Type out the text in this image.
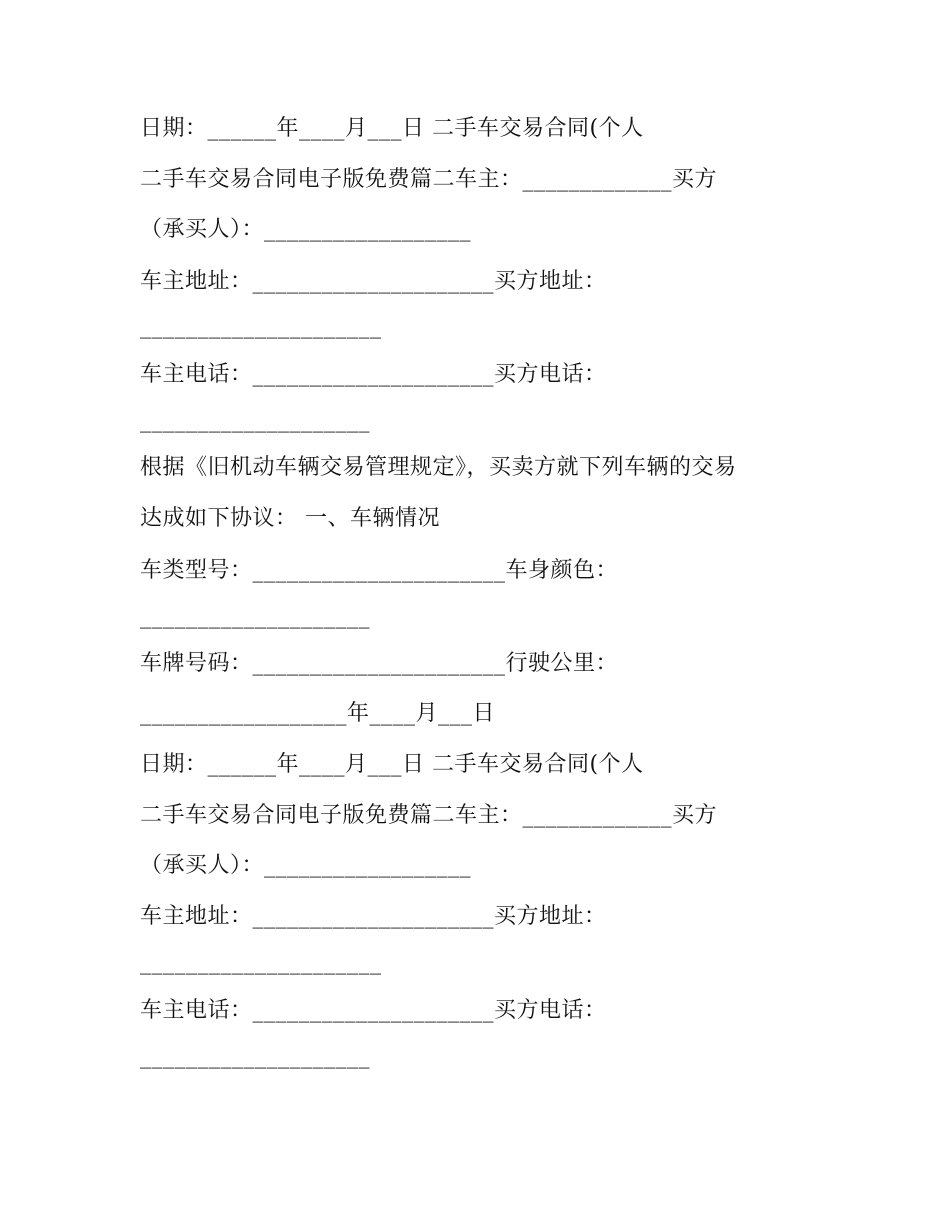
日期：______年____月___日 二手车交易合同(个人
二手车交易合同电子版免费篇二车主：_____________买方
（承买人）：__________________
车主地址：_____________________买方地址：
_____________________
车主电话：_____________________买方电话：
____________________
根据《旧机动车辆交易管理规定》，买卖方就下列车辆的交易
达成如下协议： 一、车辆情况
车类型号：______________________车身颜色：
____________________
车牌号码：______________________行驶公里：
__________________年____月___日
日期：______年____月___日 二手车交易合同(个人
二手车交易合同电子版免费篇二车主：_____________买方
（承买人）：__________________
车主地址：_____________________买方地址：
_____________________
车主电话：_____________________买方电话：
____________________
